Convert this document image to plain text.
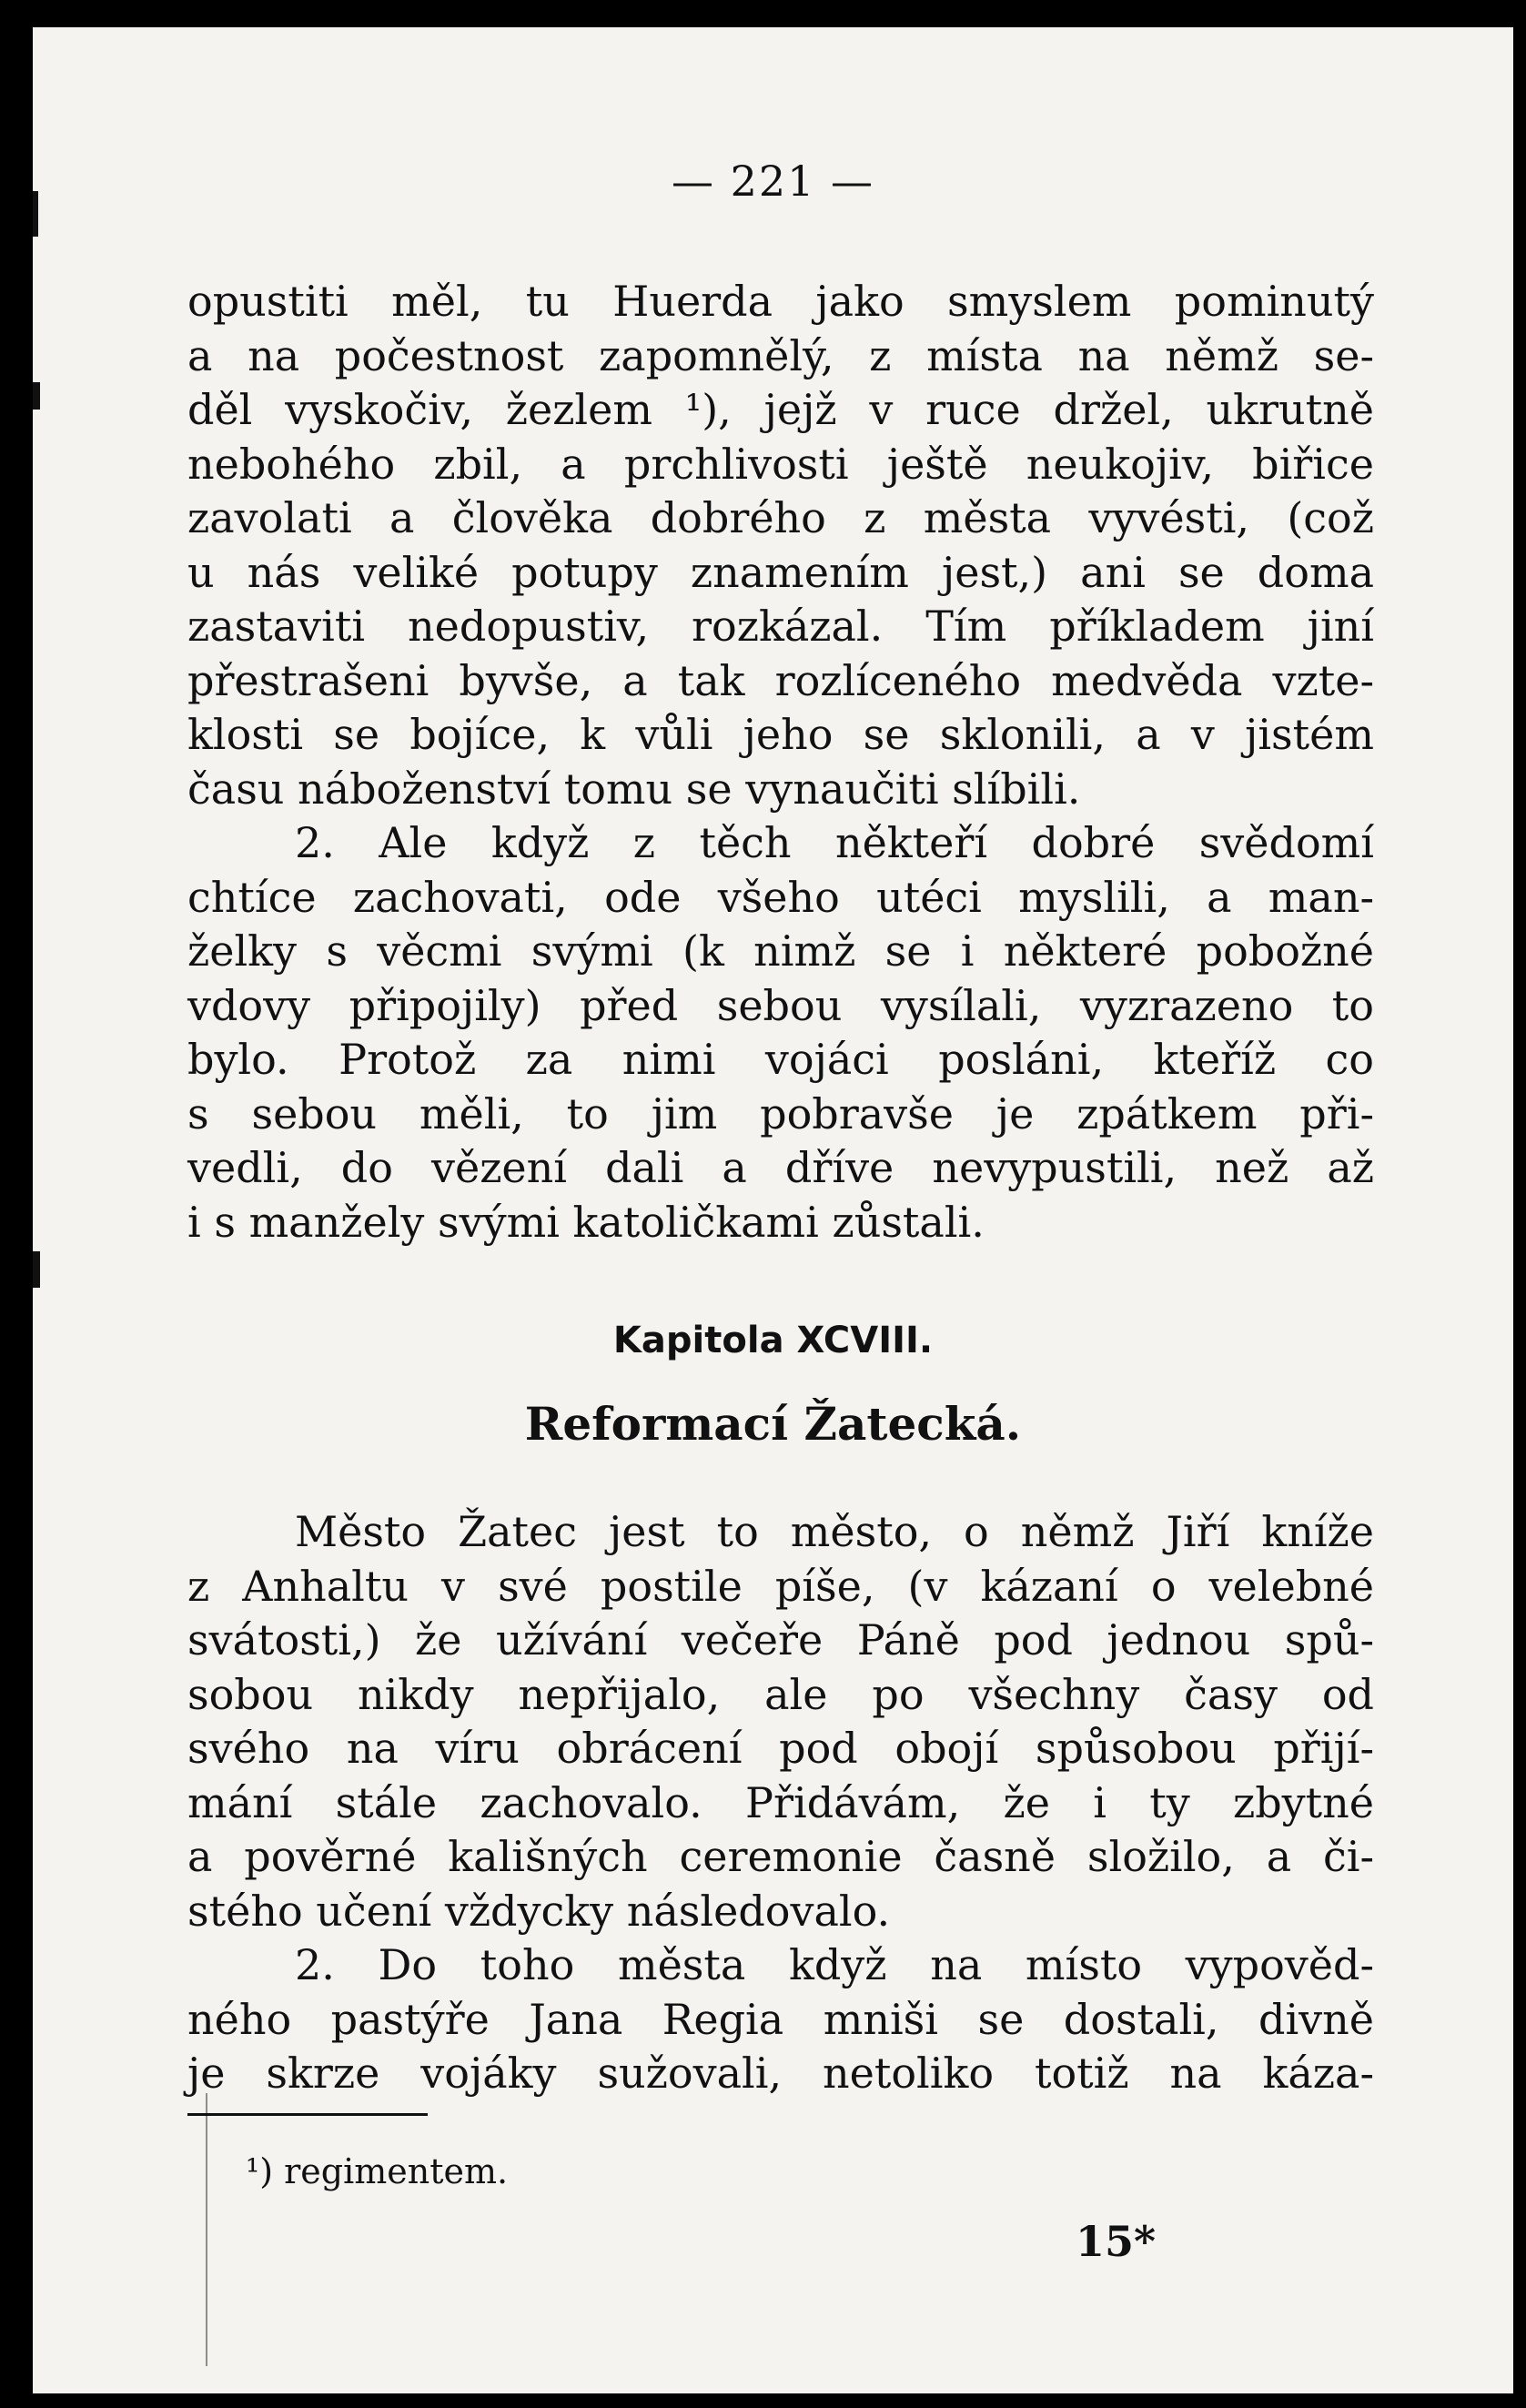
— 221 —
opustiti měl, tu Huerda jako smyslem pominutý
a na počestnost zapomnělý, z místa na němž se-
děl vyskočiv, žezlem ¹), jejž v ruce držel, ukrutně
nebohého zbil, a prchlivosti ještě neukojiv, biřice
zavolati a člověka dobrého z města vyvésti, (což
u nás veliké potupy znamením jest,) ani se doma
zastaviti nedopustiv, rozkázal. Tím příkladem jiní
přestrašeni byvše, a tak rozlíceného medvěda vzte-
klosti se bojíce, k vůli jeho se sklonili, a v jistém
času náboženství tomu se vynaučiti slíbili.
2. Ale když z těch někteří dobré svědomí
chtíce zachovati, ode všeho utéci myslili, a man-
želky s věcmi svými (k nimž se i některé pobožné
vdovy připojily) před sebou vysílali, vyzrazeno to
bylo. Protož za nimi vojáci posláni, kteříž co
s sebou měli, to jim pobravše je zpátkem při-
vedli, do vězení dali a dříve nevypustili, než až
i s manžely svými katoličkami zůstali.
Kapitola XCVIII.
Reformací Žatecká.
Město Žatec jest to město, o němž Jiří kníže
z Anhaltu v své postile píše, (v kázaní o velebné
svátosti,) že užívání večeře Páně pod jednou spů-
sobou nikdy nepřijalo, ale po všechny časy od
svého na víru obrácení pod obojí spůsobou přijí-
mání stále zachovalo. Přidávám, že i ty zbytné
a pověrné kališných ceremonie časně složilo, a či-
stého učení vždycky následovalo.
2. Do toho města když na místo vypověd-
ného pastýře Jana Regia mniši se dostali, divně
je skrze vojáky sužovali, netoliko totiž na káza-
¹) regimentem.
15*
